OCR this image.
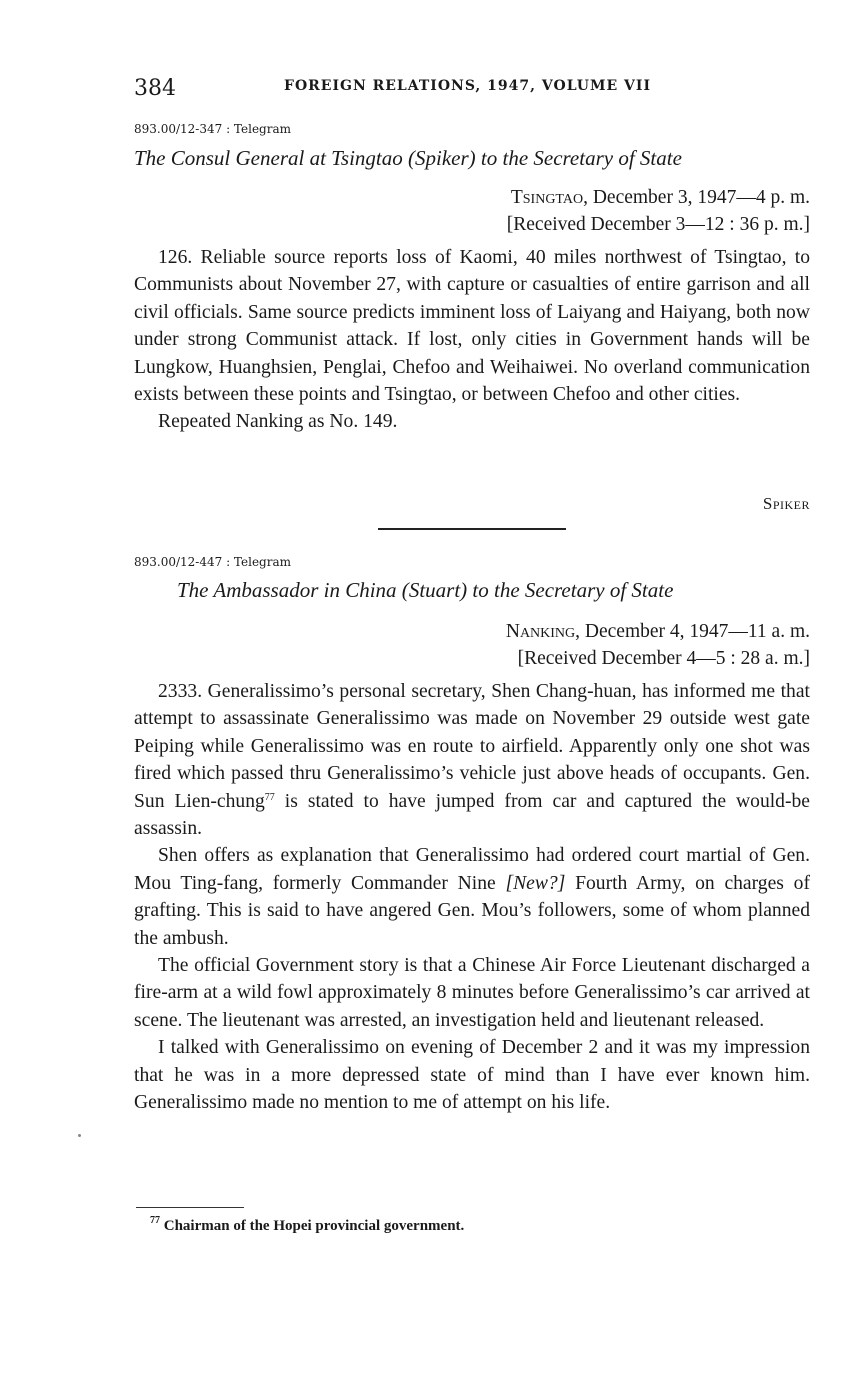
384	FOREIGN RELATIONS, 1947, VOLUME VII
893.00/12-347 : Telegram
The Consul General at Tsingtao (Spiker) to the Secretary of State
Tsingtao, December 3, 1947—4 p. m.
[Received December 3—12 : 36 p. m.]

126. Reliable source reports loss of Kaomi, 40 miles northwest of Tsingtao, to Communists about November 27, with capture or casualties of entire garrison and all civil officials. Same source predicts imminent loss of Laiyang and Haiyang, both now under strong Communist attack. If lost, only cities in Government hands will be Lungkow, Huanghsien, Penglai, Chefoo and Weihaiwei. No overland communication exists between these points and Tsingtao, or between Chefoo and other cities.

Repeated Nanking as No. 149.

Spiker
893.00/12-447 : Telegram
The Ambassador in China (Stuart) to the Secretary of State
Nanking, December 4, 1947—11 a. m.
[Received December 4—5 : 28 a. m.]

2333. Generalissimo’s personal secretary, Shen Chang-huan, has informed me that attempt to assassinate Generalissimo was made on November 29 outside west gate Peiping while Generalissimo was en route to airfield. Apparently only one shot was fired which passed thru Generalissimo’s vehicle just above heads of occupants. Gen. Sun Lien-chung$^{77}$ is stated to have jumped from car and captured the would-be assassin.

Shen offers as explanation that Generalissimo had ordered court martial of Gen. Mou Ting-fang, formerly Commander Nine [New?] Fourth Army, on charges of grafting. This is said to have angered Gen. Mou’s followers, some of whom planned the ambush.

The official Government story is that a Chinese Air Force Lieutenant discharged a fire-arm at a wild fowl approximately 8 minutes before Generalissimo’s car arrived at scene. The lieutenant was arrested, an investigation held and lieutenant released.

I talked with Generalissimo on evening of December 2 and it was my impression that he was in a more depressed state of mind than I have ever known him. Generalissimo made no mention to me of attempt on his life.

$^{77}$ Chairman of the Hopei provincial government.
